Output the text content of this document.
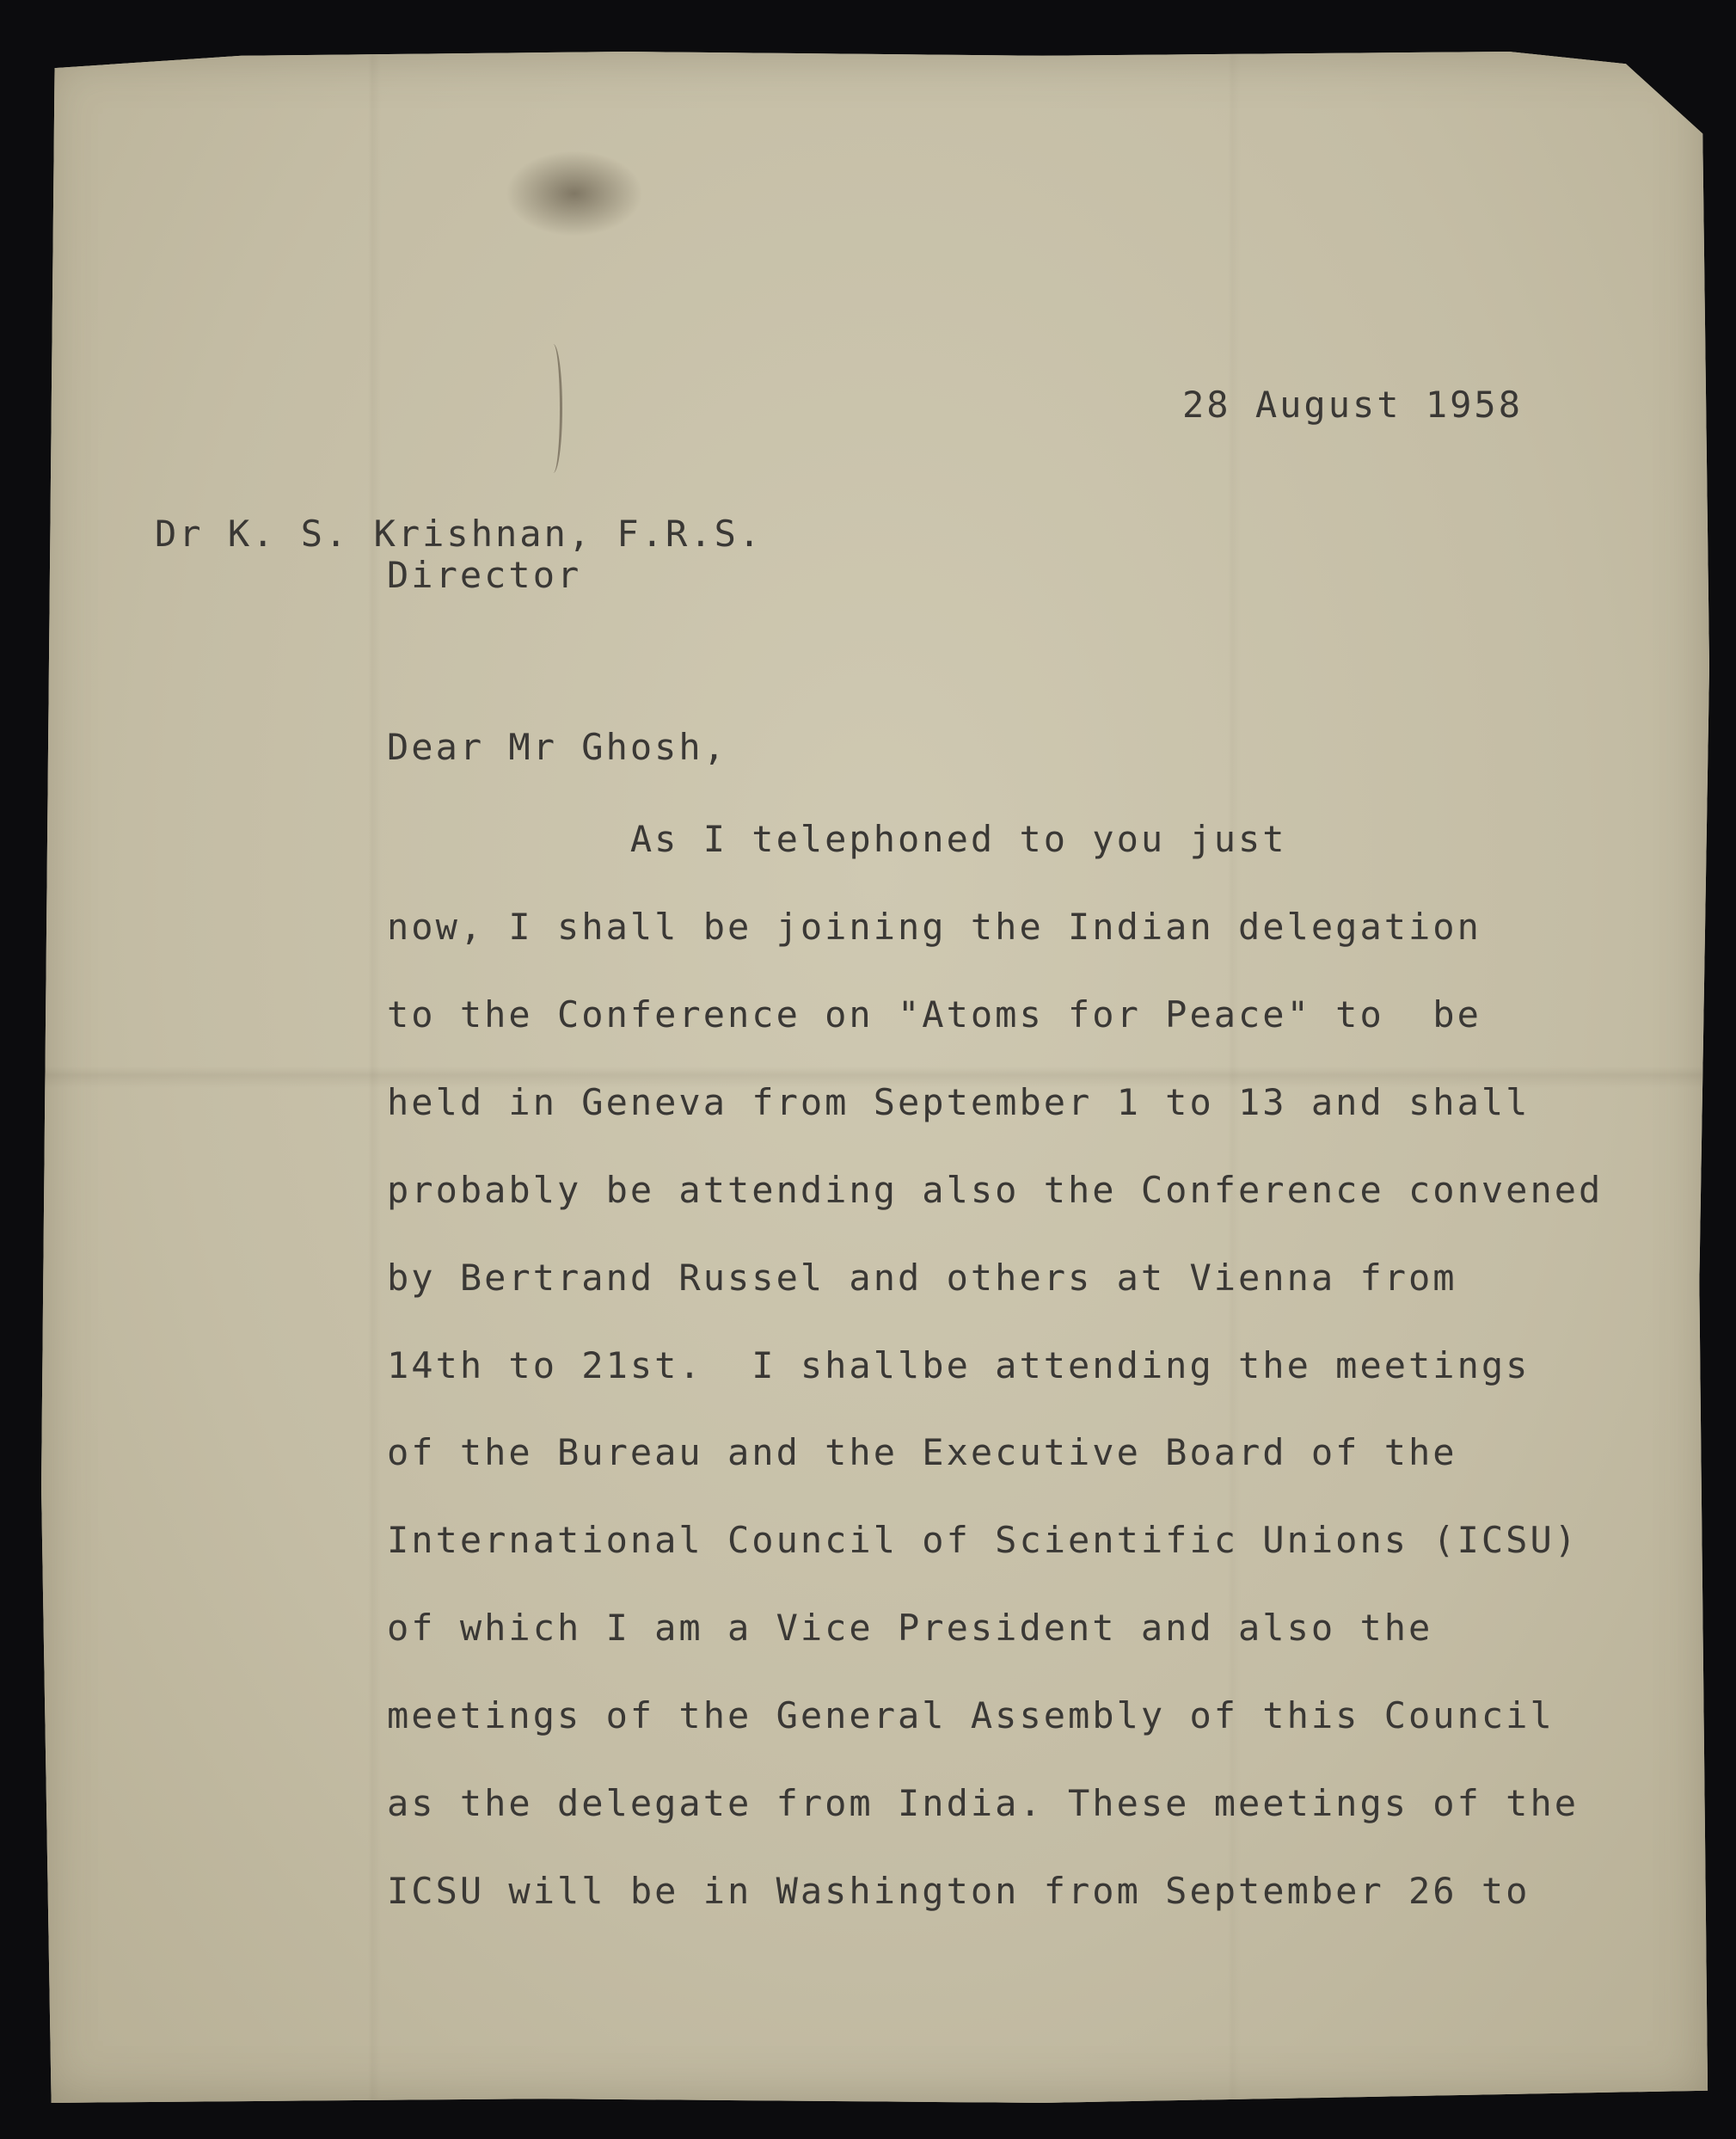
28 August 1958
Dr K. S. Krishnan, F.R.S.
Director
Dear Mr Ghosh,
As I telephoned to you just
now, I shall be joining the Indian delegation
to the Conference on "Atoms for Peace" to  be
held in Geneva from September 1 to 13 and shall
probably be attending also the Conference convened
by Bertrand Russel and others at Vienna from
14th to 21st.  I shallbe attending the meetings
of the Bureau and the Executive Board of the
International Council of Scientific Unions (ICSU)
of which I am a Vice President and also the
meetings of the General Assembly of this Council
as the delegate from India. These meetings of the
ICSU will be in Washington from September 26 to
